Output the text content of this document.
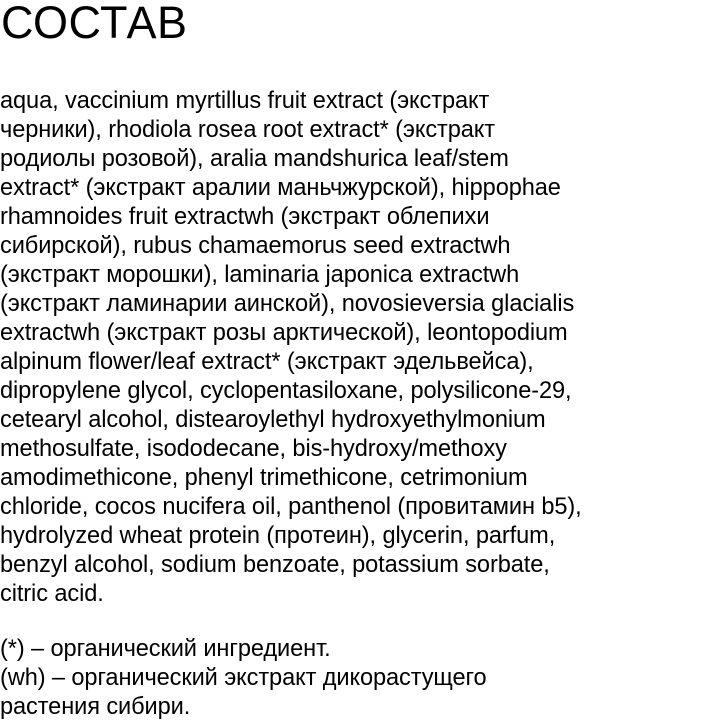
СОСТАВ

aqua, vaccinium myrtillus fruit extract (экстракт
черники), rhodiola rosea root extract* (экстракт
родиолы розовой), aralia mandshurica leaf/stem
extract* (экстракт аралии маньчжурской), hippophae
rhamnoides fruit extractwh (экстракт облепихи
сибирской), rubus chamaemorus seed extractwh
(экстракт морошки), laminaria japonica extractwh
(экстракт ламинарии аинской), novosieversia glacialis
extractwh (экстракт розы арктической), leontopodium
alpinum flower/leaf extract* (экстракт эдельвейса),
dipropylene glycol, cyclopentasiloxane, polysilicone-29,
cetearyl alcohol, distearoylethyl hydroxyethylmonium
methosulfate, isododecane, bis-hydroxy/methoxy
amodimethicone, phenyl trimethicone, cetrimonium
chloride, cocos nucifera oil, panthenol (провитамин b5),
hydrolyzed wheat protein (протеин), glycerin, parfum,
benzyl alcohol, sodium benzoate, potassium sorbate,
citric acid.

(*) – органический ингредиент.
(wh) – органический экстракт дикорастущего
растения сибири.
